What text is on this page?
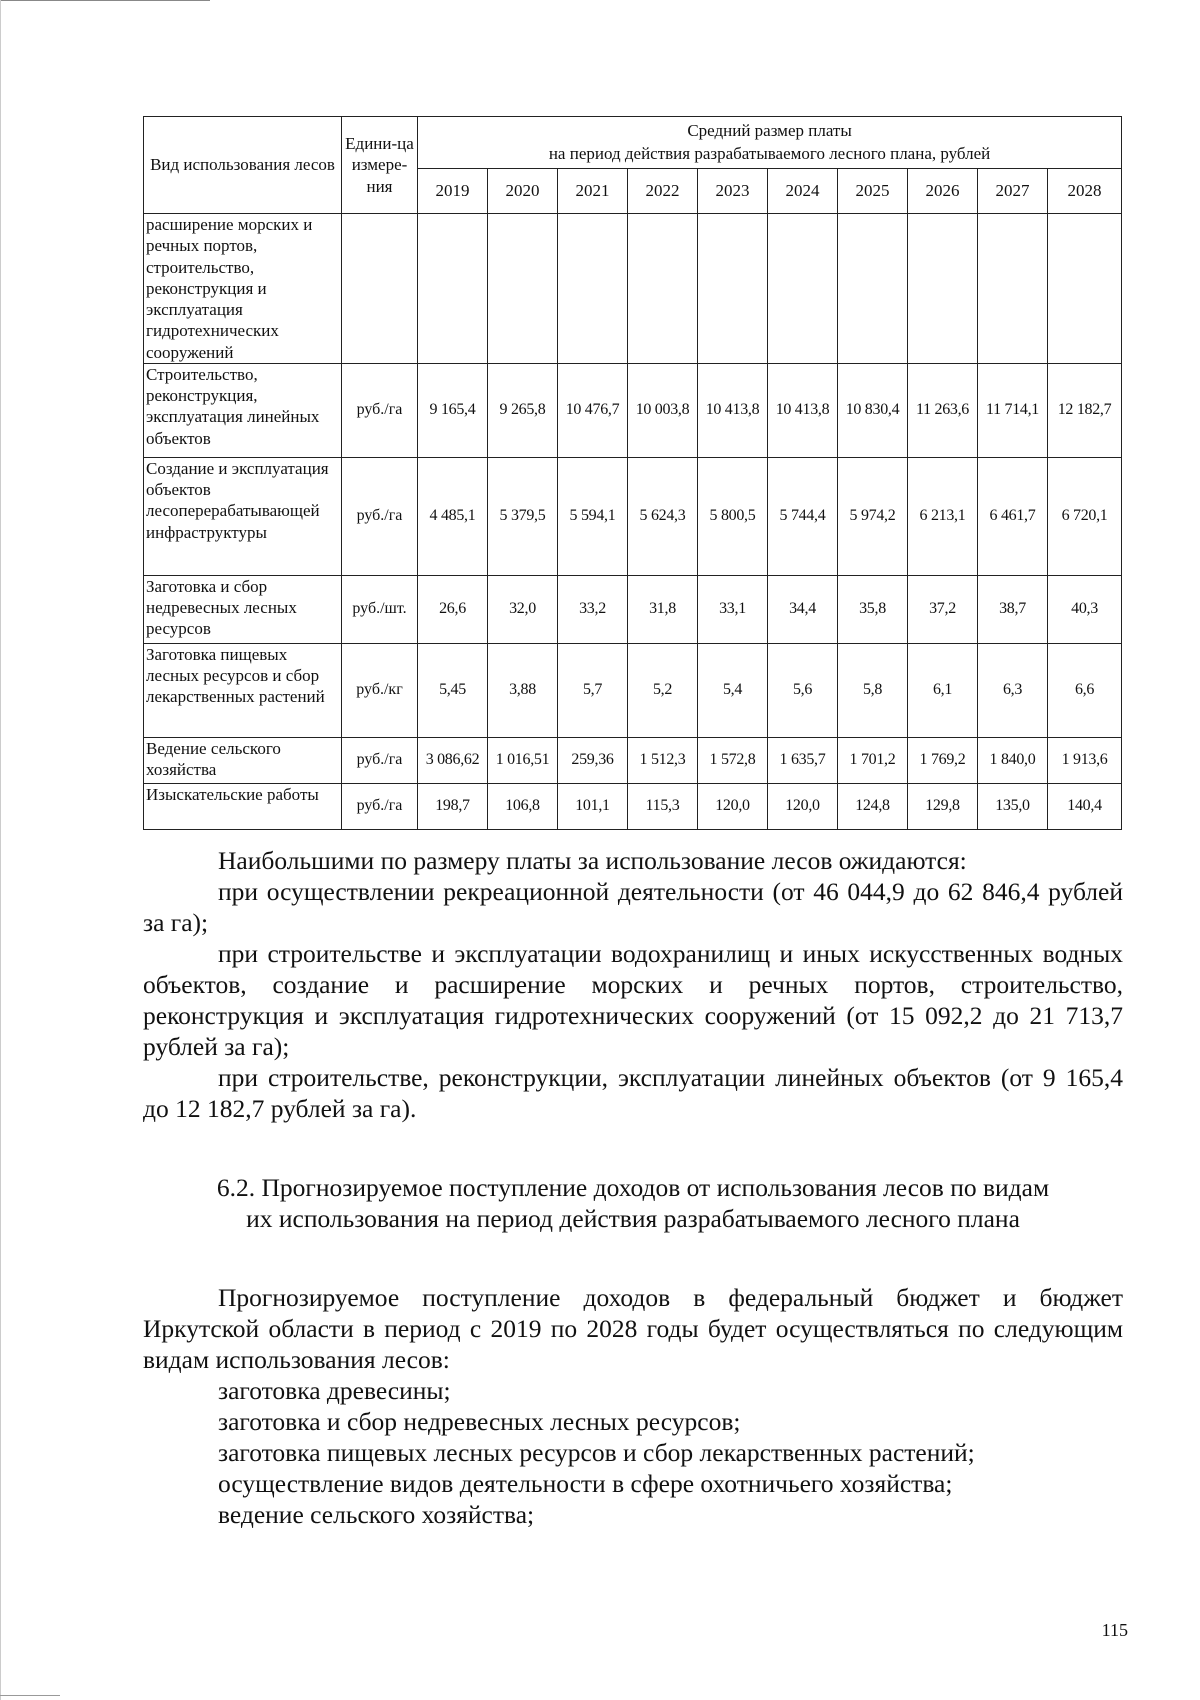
Вид использования лесов	Едини-ца измере-ния	Средний размер платы
на период действия разрабатываемого лесного плана, рублей									

		2019	2020	2021	2022	2023	2024	2025	2026	2027	2028
расширение морских и речных портов, строительство, реконструкция и эксплуатация гидротехнических сооружений											
Строительство, реконструкция, эксплуатация линейных объектов	руб./га	9 165,4	9 265,8	10 476,7	10 003,8	10 413,8	10 413,8	10 830,4	11 263,6	11 714,1	12 182,7
Создание и эксплуатация объектов лесоперерабатывающей инфраструктуры	руб./га	4 485,1	5 379,5	5 594,1	5 624,3	5 800,5	5 744,4	5 974,2	6 213,1	6 461,7	6 720,1
Заготовка и сбор недревесных лесных ресурсов	руб./шт.	26,6	32,0	33,2	31,8	33,1	34,4	35,8	37,2	38,7	40,3
Заготовка пищевых лесных ресурсов и сбор лекарственных растений	руб./кг	5,45	3,88	5,7	5,2	5,4	5,6	5,8	6,1	6,3	6,6
Ведение сельского хозяйства	руб./га	3 086,62	1 016,51	259,36	1 512,3	1 572,8	1 635,7	1 701,2	1 769,2	1 840,0	1 913,6
Изыскательские работы	руб./га	198,7	106,8	101,1	115,3	120,0	120,0	124,8	129,8	135,0	140,4

Наибольшими по размеру платы за использование лесов ожидаются:

при осуществлении рекреационной деятельности (от 46 044,9 до 62 846,4 рублей за га);

при строительстве и эксплуатации водохранилищ и иных искусственных водных объектов, создание и расширение морских и речных портов, строительство, реконструкция и эксплуатация гидротехнических сооружений (от 15 092,2 до 21 713,7 рублей за га);

при строительстве, реконструкции, эксплуатации линейных объектов (от 9 165,4 до 12 182,7 рублей за га).

6.2. Прогнозируемое поступление доходов от использования лесов по видам
их использования на период действия разрабатываемого лесного плана

Прогнозируемое поступление доходов в федеральный бюджет и бюджет Иркутской области в период с 2019 по 2028 годы будет осуществляться по следующим видам использования лесов:

заготовка древесины;

заготовка и сбор недревесных лесных ресурсов;

заготовка пищевых лесных ресурсов и сбор лекарственных растений;

осуществление видов деятельности в сфере охотничьего хозяйства;

ведение сельского хозяйства;

115
